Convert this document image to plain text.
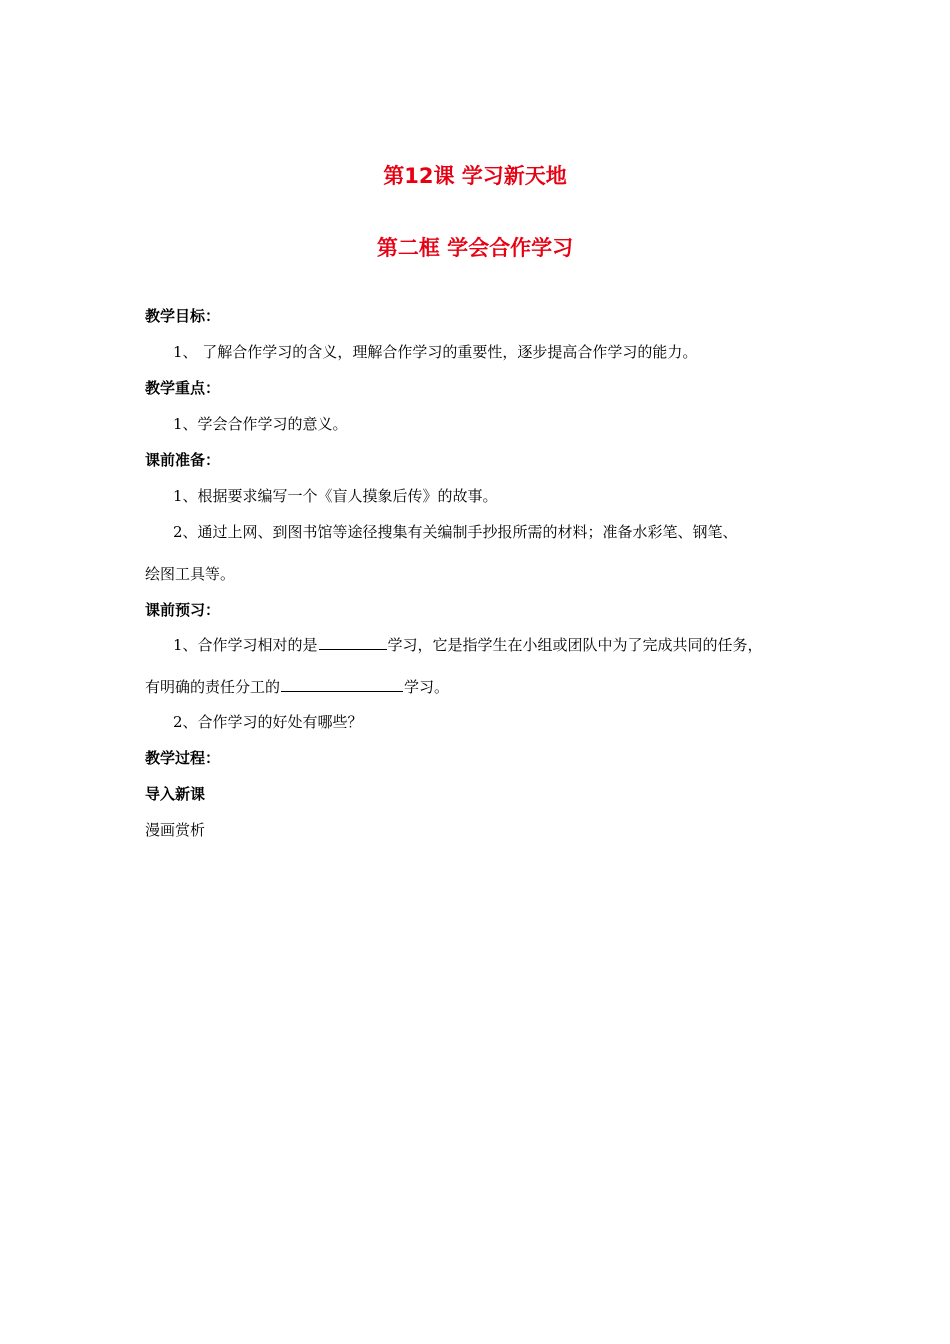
第12课 学习新天地
第二框 学会合作学习
教学目标：
1、 了解合作学习的含义，理解合作学习的重要性，逐步提高合作学习的能力。
教学重点：
1、学会合作学习的意义。
课前准备：
1、根据要求编写一个《盲人摸象后传》的故事。
2、通过上网、到图书馆等途径搜集有关编制手抄报所需的材料；准备水彩笔、钢笔、
绘图工具等。
课前预习：
1、合作学习相对的是	学习，它是指学生在小组或团队中为了完成共同的任务，
有明确的责任分工的	学习。
2、合作学习的好处有哪些？
教学过程：
导入新课
漫画赏析
